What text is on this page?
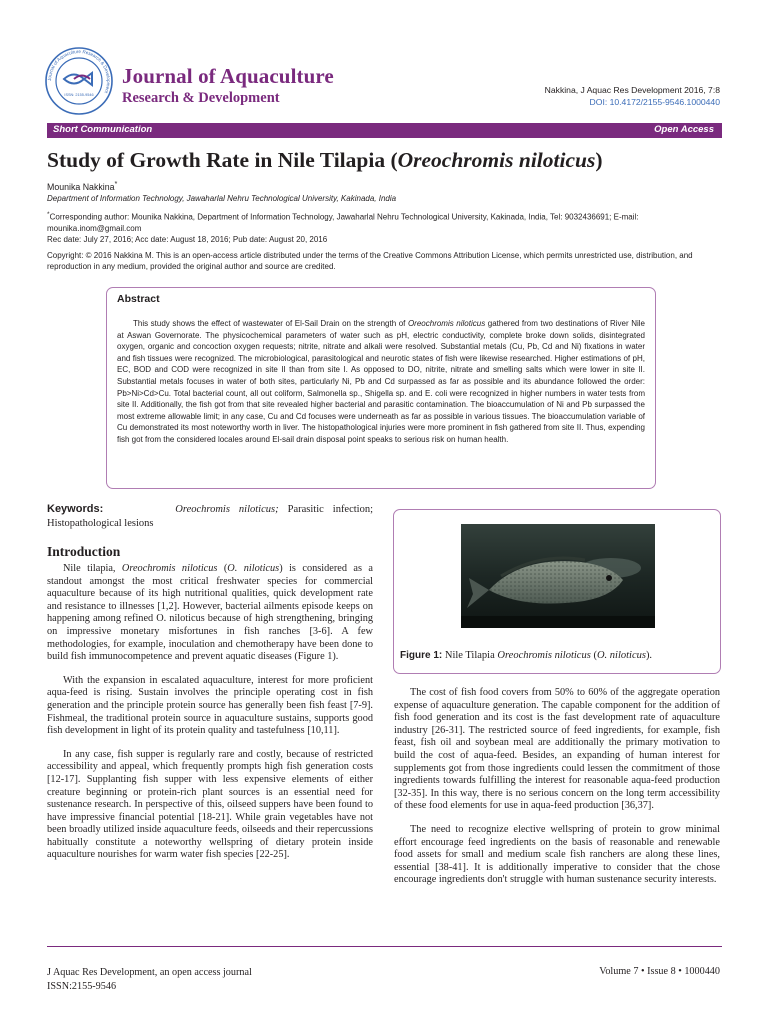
Journal of Aquaculture Research & Development
ISSN: 2155-9546
Journal of Aquaculture
Research & Development	Nakkina, J Aquac Res Development 2016, 7:8
DOI: 10.4172/2155-9546.1000440
Short Communication	Open Access
Study of Growth Rate in Nile Tilapia (Oreochromis niloticus)
Mounika Nakkina*
Department of Information Technology, Jawaharlal Nehru Technological University, Kakinada, India
*Corresponding author: Mounika Nakkina, Department of Information Technology, Jawaharlal Nehru Technological University, Kakinada, India, Tel: 9032436691; E-mail: mounika.inom@gmail.com
Rec date: July 27, 2016; Acc date: August 18, 2016; Pub date: August 20, 2016
Copyright: © 2016 Nakkina M. This is an open-access article distributed under the terms of the Creative Commons Attribution License, which permits unrestricted use, distribution, and reproduction in any medium, provided the original author and source are credited.
Abstract

This study shows the effect of wastewater of El-Sail Drain on the strength of Oreochromis niloticus gathered from two destinations of River Nile at Aswan Governorate. The physicochemical parameters of water such as pH, electric conductivity, complete broke down solids, disintegrated oxygen, organic and concoction oxygen requests; nitrite, nitrate and alkali were resolved. Substantial metals (Cu, Pb, Cd and Ni) fixations in water and fish tissues were recognized. The microbiological, parasitological and neurotic states of fish were likewise researched. Higher estimations of pH, EC, BOD and COD were recognized in site II than from site I. As opposed to DO, nitrite, nitrate and smelling salts which were lower in site II. Substantial metals focuses in water of both sites, particularly Ni, Pb and Cd surpassed as far as possible and its abundance followed the order: Pb>Ni>Cd>Cu. Total bacterial count, all out coliform, Salmonella sp., Shigella sp. and E. coli were recognized in higher numbers in water tests from site II. Additionally, the fish got from that site revealed higher bacterial and parasitic contamination. The bioaccumulation of Ni and Pb surpassed the most extreme allowable limit; in any case, Cu and Cd focuses were underneath as far as possible in various tissues. The bioaccumulation variable of Cu demonstrated its most noteworthy worth in liver. The histopathological injuries were more prominent in fish gathered from site II. Thus, expending fish got from the considered locales around El-sail drain disposal point speaks to serious risk on human health.

Keywords:	Oreochromis niloticus; Parasitic infection; Histopathological lesions
Introduction

Nile tilapia, Oreochromis niloticus (O. niloticus) is considered as a standout amongst the most critical freshwater species for commercial aquaculture because of its high nutritional qualities, quick development rate and resistance to illnesses [1,2]. However, bacterial ailments episode keeps on happening among refined O. niloticus because of high strengthening, bringing on impressive monetary misfortunes in fish ranches [3-6]. A few methodologies, for example, inoculation and chemotherapy have been done to build fish immunocompetence and prevent aquatic diseases (Figure 1).

With the expansion in escalated aquaculture, interest for more proficient aqua-feed is rising. Sustain involves the principle operating cost in fish generation and the principle protein source has generally been fish feast [7-9]. Fishmeal, the traditional protein source in aquaculture sustains, supports good fish development in light of its protein quality and tastefulness [10,11].

In any case, fish supper is regularly rare and costly, because of restricted accessibility and appeal, which frequently prompts high fish generation costs [12-17]. Supplanting fish supper with less expensive elements of either creature beginning or protein-rich plant sources is an essential need for sustenance research. In perspective of this, oilseed suppers have been found to have impressive financial potential [18-21]. While grain vegetables have not been broadly utilized inside aquaculture feeds, oilseeds and their repercussions habitually constitute a noteworthy wellspring of dietary protein inside aquaculture nourishes for warm water fish species [22-25].

Figure 1: Nile Tilapia Oreochromis niloticus (O. niloticus).

The cost of fish food covers from 50% to 60% of the aggregate operation expense of aquaculture generation. The capable component for the addition of fish food generation and its cost is the fast development rate of aquaculture industry [26-31]. The restricted source of feed ingredients, for example, fish feast, fish oil and soybean meal are additionally the primary motivation to build the cost of aqua-feed. Besides, an expanding of human interest for supplements got from those ingredients could lessen the commitment of those ingredients towards fulfilling the interest for reasonable aqua-feed production [32-35]. In this way, there is no serious concern on the long term accessibility of these food elements for use in aqua-feed production [36,37].

The need to recognize elective wellspring of protein to grow minimal effort encourage feed ingredients on the basis of reasonable and renewable food assets for small and medium scale fish ranchers are along these lines, essential [38-41]. It is additionally imperative to consider that the chose encourage ingredients don't struggle with human sustenance security interests.

J Aquac Res Development, an open access journal
ISSN:2155-9546
Volume 7 • Issue 8 • 1000440
